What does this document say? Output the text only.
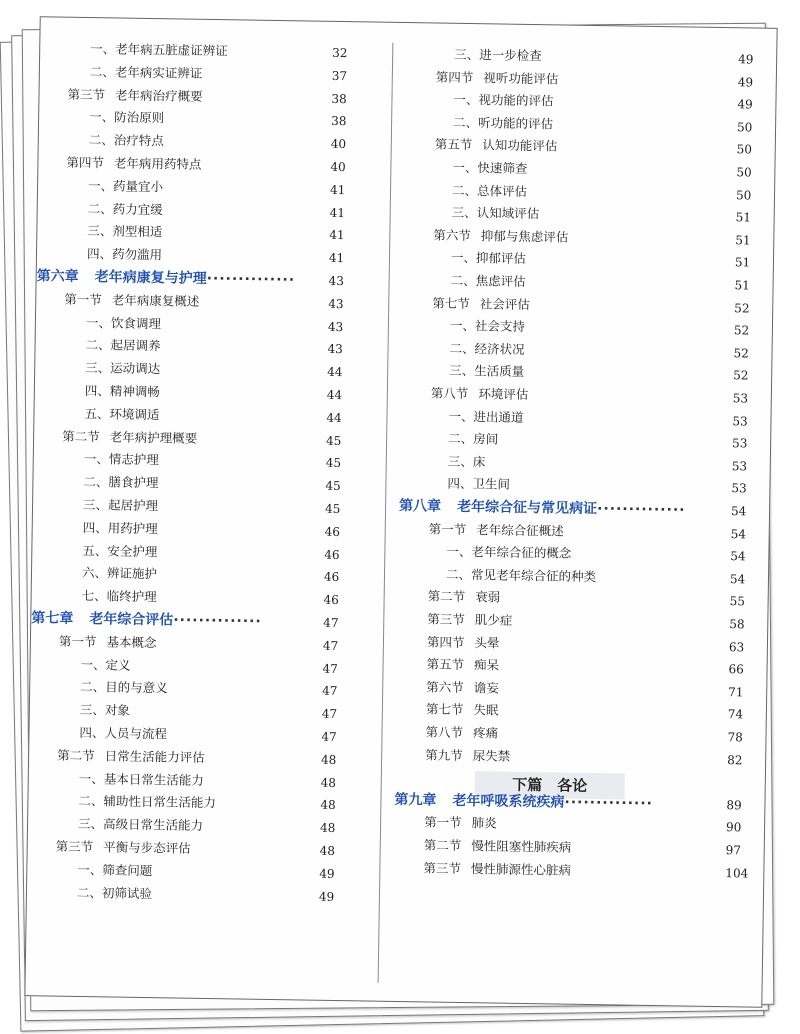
一、老年病五脏虚证辨证	32
二、老年病实证辨证	37
第三节 老年病治疗概要	38
一、防治原则	38
二、治疗特点	40
第四节 老年病用药特点	40
一、药量宜小	41
二、药力宜缓	41
三、剂型相适	41
四、药勿滥用	41
第六章 老年病康复与护理··············	43
第一节 老年病康复概述	43
一、饮食调理	43
二、起居调养	43
三、运动调达	44
四、精神调畅	44
五、环境调适	44
第二节 老年病护理概要	45
一、情志护理	45
二、膳食护理	45
三、起居护理	45
四、用药护理	46
五、安全护理	46
六、辨证施护	46
七、临终护理	46
第七章 老年综合评估··············	47
第一节 基本概念	47
一、定义	47
二、目的与意义	47
三、对象	47
四、人员与流程	47
第二节 日常生活能力评估	48
一、基本日常生活能力	48
二、辅助性日常生活能力	48
三、高级日常生活能力	48
第三节 平衡与步态评估	48
一、筛查问题	49
二、初筛试验	49
三、进一步检查	49
第四节 视听功能评估	49
一、视功能的评估	49
二、听功能的评估	50
第五节 认知功能评估	50
一、快速筛查	50
二、总体评估	50
三、认知域评估	51
第六节 抑郁与焦虑评估	51
一、抑郁评估	51
二、焦虑评估	51
第七节 社会评估	52
一、社会支持	52
二、经济状况	52
三、生活质量	52
第八节 环境评估	53
一、进出通道	53
二、房间	53
三、床	53
四、卫生间	53
第八章 老年综合征与常见病证··············	54
第一节 老年综合征概述	54
一、老年综合征的概念	54
二、常见老年综合征的种类	54
第二节 衰弱	55
第三节 肌少症	58
第四节 头晕	63
第五节 痴呆	66
第六节 谵妄	71
第七节 失眠	74
第八节 疼痛	78
第九节 尿失禁	82
下篇　各论
第九章 老年呼吸系统疾病··············	89
第一节 肺炎	90
第二节 慢性阻塞性肺疾病	97
第三节 慢性肺源性心脏病	104
